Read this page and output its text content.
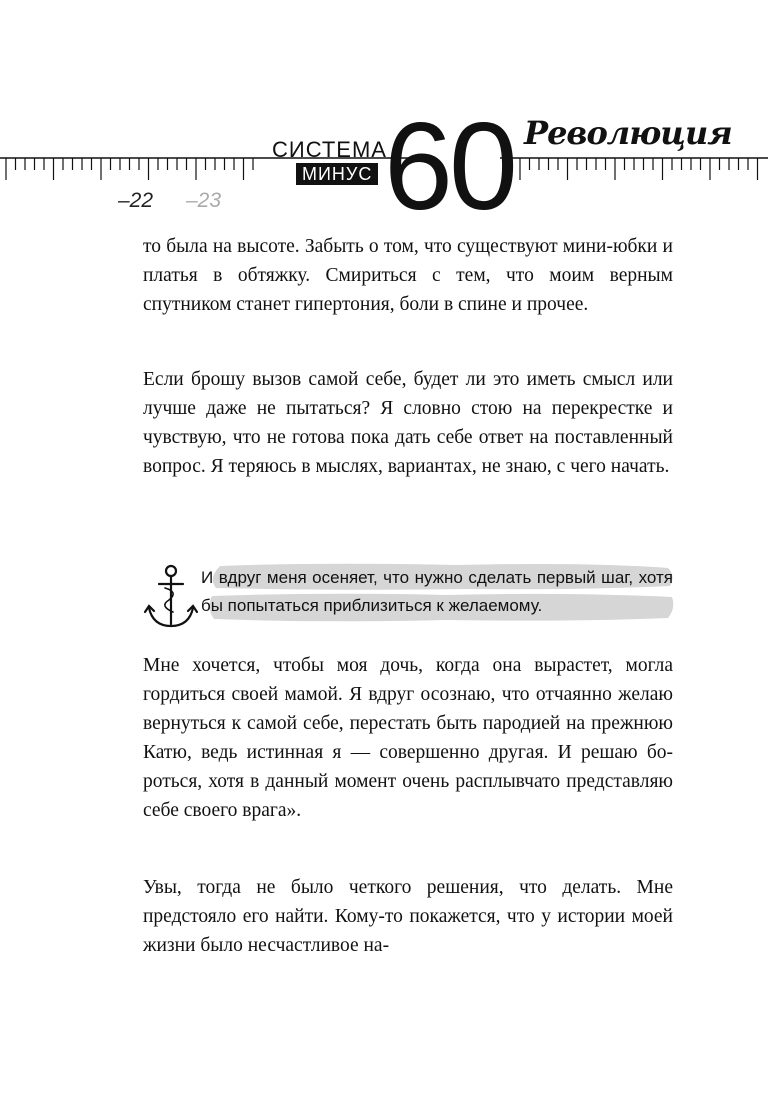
СИСТЕМА
МИНУС 60 Революция
–22 –23

то была на высоте. Забыть о том, что существуют мини-юбки и платья в обтяжку. Смириться с тем, что моим верным спутником станет гипертония, боли в спине и прочее.

Если брошу вызов самой себе, будет ли это иметь смысл или лучше даже не пытаться? Я словно стою на перекрестке и чувствую, что не готова пока дать себе ответ на поставленный вопрос. Я теряюсь в мыслях, вариантах, не знаю, с чего начать.

И вдруг меня осеняет, что нужно сделать первый шаг, хотя бы попытаться приблизиться к желаемому.

Мне хочется, чтобы моя дочь, когда она вырастет, могла гордиться своей мамой. Я вдруг осознаю, что отчаянно желаю вернуться к самой себе, перестать быть пародией на прежнюю Катю, ведь истинная я — совершенно другая. И решаю бороться, хотя в данный момент очень расплывчато представляю себе своего врага».

Увы, тогда не было четкого решения, что делать. Мне предстояло его найти. Кому-то покажется, что у истории моей жизни было несчастливое на-
